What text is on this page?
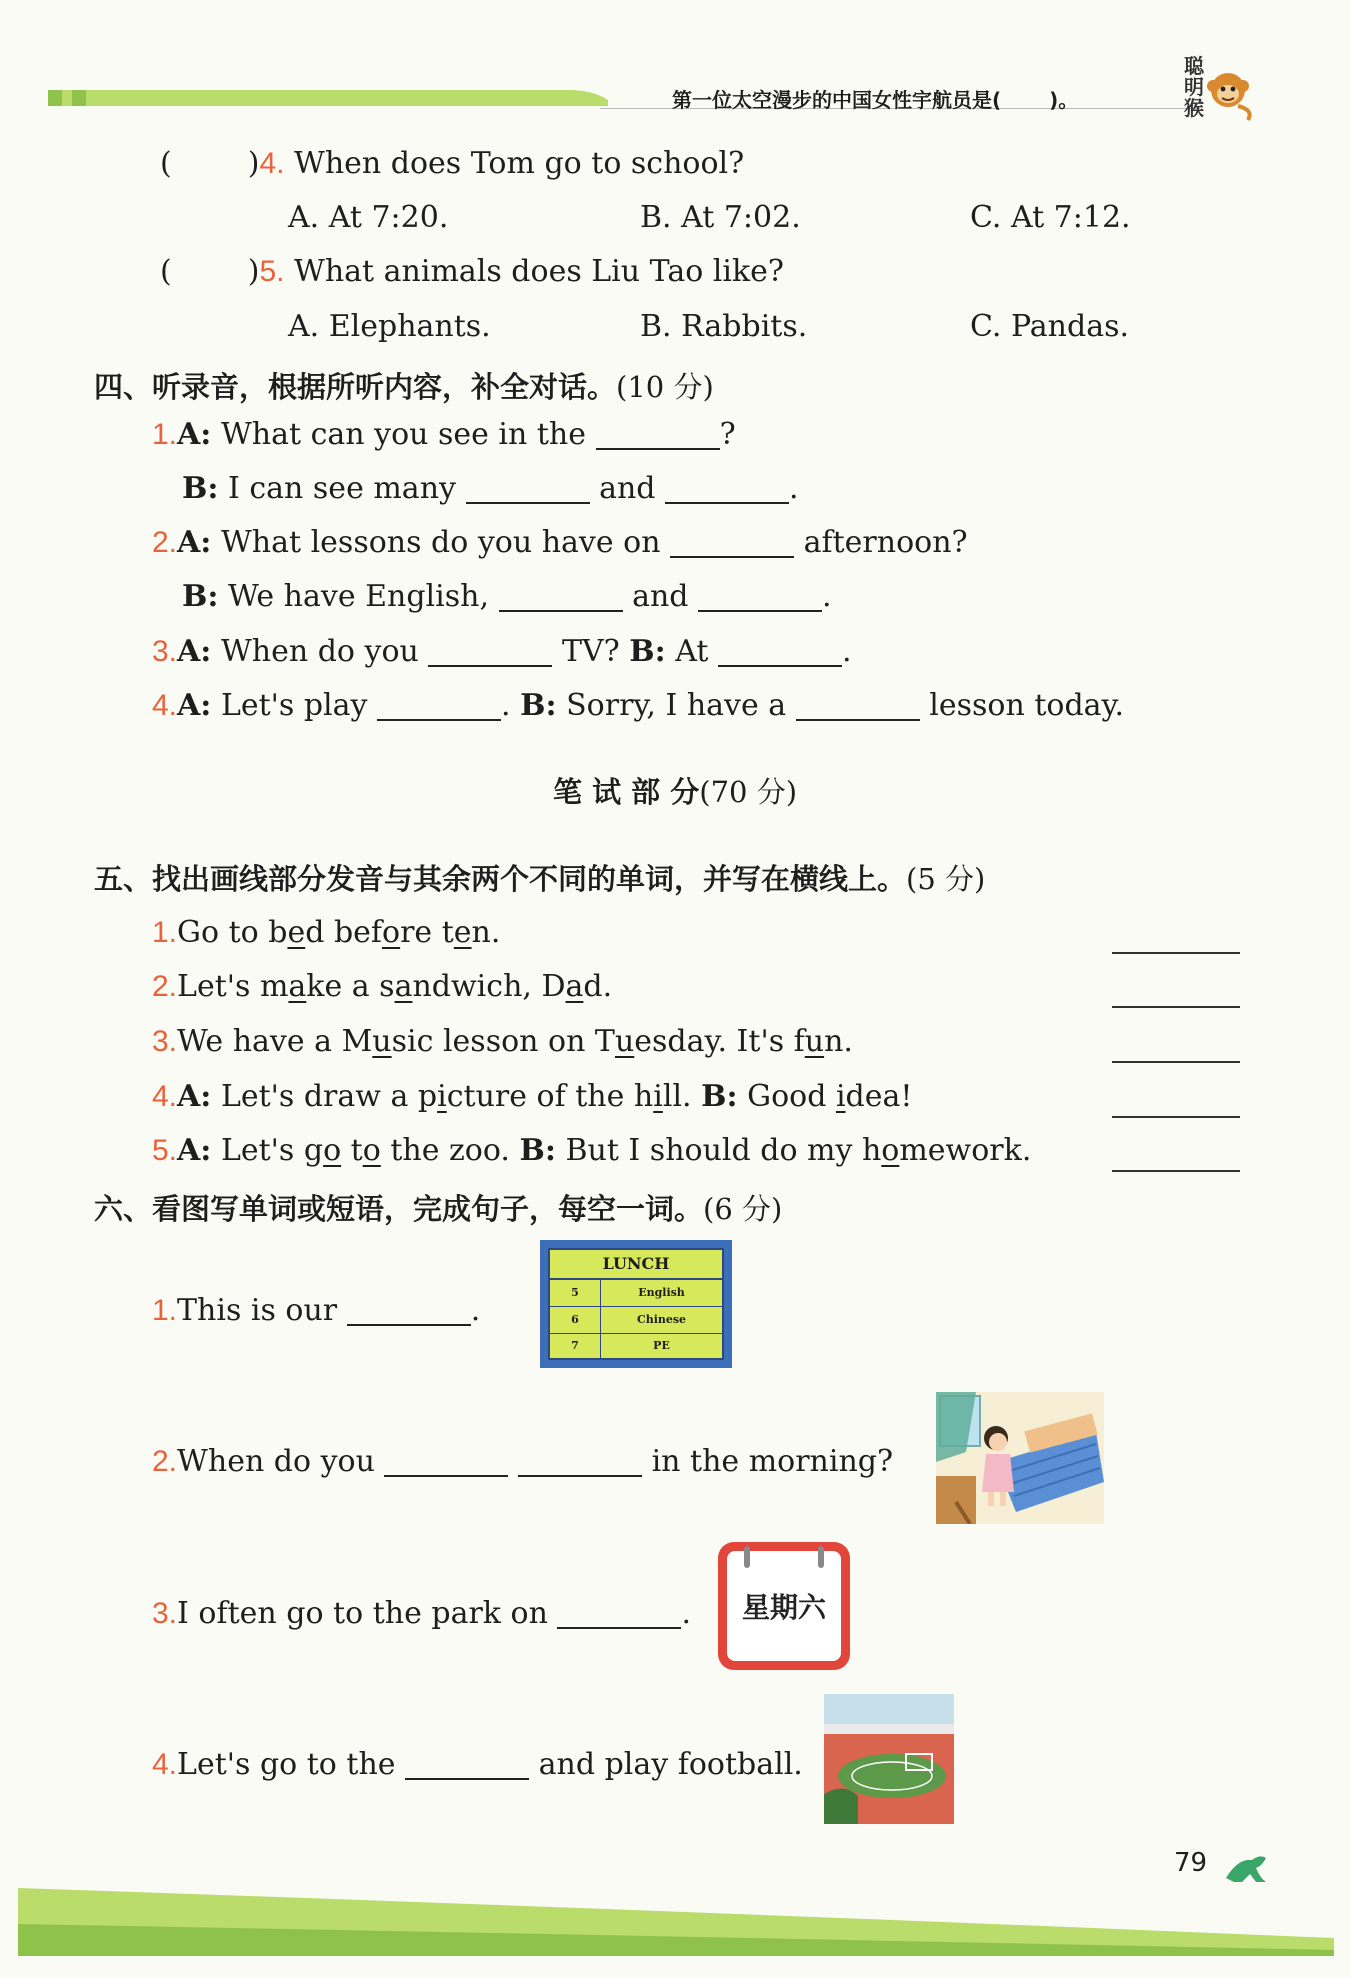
第一位太空漫步的中国女性宇航员是( )。
聪明猴
(	)4. When does Tom go to school?
A. At 7:20.	B. At 7:02.	C. At 7:12.
(	)5. What animals does Liu Tao like?
A. Elephants.	B. Rabbits.	C. Pandas.
四、听录音，根据所听内容，补全对话。(10 分)
1.A: What can you see in the	?
B: I can see many	and	.
2.A: What lessons do you have on	afternoon?
B: We have English,	and	.
3.A: When do you	TV? B: At	.
4.A: Let's play	. B: Sorry, I have a	lesson today.
笔 试 部 分(70 分)
五、找出画线部分发音与其余两个不同的单词，并写在横线上。(5 分)
1.Go to bed before ten.
2.Let's make a sandwich, Dad.
3.We have a Music lesson on Tuesday. It's fun.
4.A: Let's draw a picture of the hill. B: Good idea!
5.A: Let's go to the zoo. B: But I should do my homework.
六、看图写单词或短语，完成句子，每空一词。(6 分)
1.This is our	.
LUNCH
5	English
6	Chinese
7	PE
2.When do you	in the morning?
3.I often go to the park on	.	星期六
4.Let's go to the	and play football.
79
